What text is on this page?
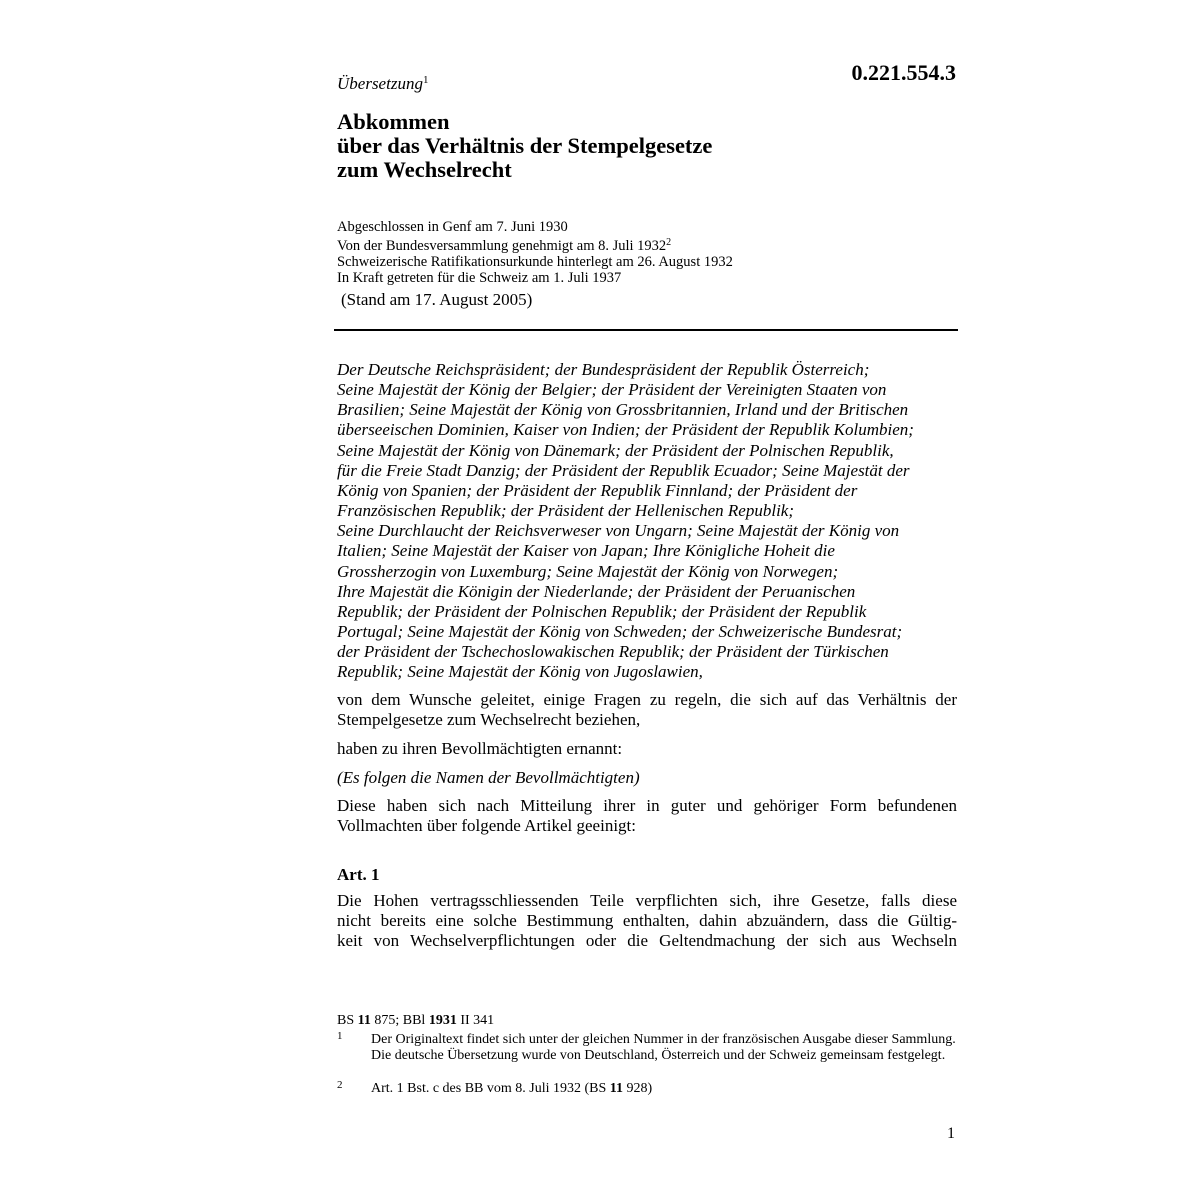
Übersetzung$^1$	0.221.554.3
Abkommen
über das Verhältnis der Stempelgesetze
zum Wechselrecht
Abgeschlossen in Genf am 7. Juni 1930
Von der Bundesversammlung genehmigt am 8. Juli 1932$^2$
Schweizerische Ratifikationsurkunde hinterlegt am 26. August 1932
In Kraft getreten für die Schweiz am 1. Juli 1937
(Stand am 17. August 2005)
Der Deutsche Reichspräsident; der Bundespräsident der Republik Österreich;
Seine Majestät der König der Belgier; der Präsident der Vereinigten Staaten von
Brasilien; Seine Majestät der König von Grossbritannien, Irland und der Britischen
überseeischen Dominien, Kaiser von Indien; der Präsident der Republik Kolumbien;
Seine Majestät der König von Dänemark; der Präsident der Polnischen Republik,
für die Freie Stadt Danzig; der Präsident der Republik Ecuador; Seine Majestät der
König von Spanien; der Präsident der Republik Finnland; der Präsident der
Französischen Republik; der Präsident der Hellenischen Republik;
Seine Durchlaucht der Reichsverweser von Ungarn; Seine Majestät der König von
Italien; Seine Majestät der Kaiser von Japan; Ihre Königliche Hoheit die
Grossherzogin von Luxemburg; Seine Majestät der König von Norwegen;
Ihre Majestät die Königin der Niederlande; der Präsident der Peruanischen
Republik; der Präsident der Polnischen Republik; der Präsident der Republik
Portugal; Seine Majestät der König von Schweden; der Schweizerische Bundesrat;
der Präsident der Tschechoslowakischen Republik; der Präsident der Türkischen
Republik; Seine Majestät der König von Jugoslawien,
von dem Wunsche geleitet, einige Fragen zu regeln, die sich auf das Verhältnis der
Stempelgesetze zum Wechselrecht beziehen,
haben zu ihren Bevollmächtigten ernannt:
(Es folgen die Namen der Bevollmächtigten)
Diese haben sich nach Mitteilung ihrer in guter und gehöriger Form befundenen
Vollmachten über folgende Artikel geeinigt:
Art. 1
Die Hohen vertragsschliessenden Teile verpflichten sich, ihre Gesetze, falls diese
nicht bereits eine solche Bestimmung enthalten, dahin abzuändern, dass die Gültig-
keit von Wechselverpflichtungen oder die Geltendmachung der sich aus Wechseln
BS 11 875; BBl 1931 II 341
1 Der Originaltext findet sich unter der gleichen Nummer in der französischen Ausgabe dieser Sammlung. Die deutsche Übersetzung wurde von Deutschland, Österreich und der Schweiz gemeinsam festgelegt.
2 Art. 1 Bst. c des BB vom 8. Juli 1932 (BS 11 928)
1
